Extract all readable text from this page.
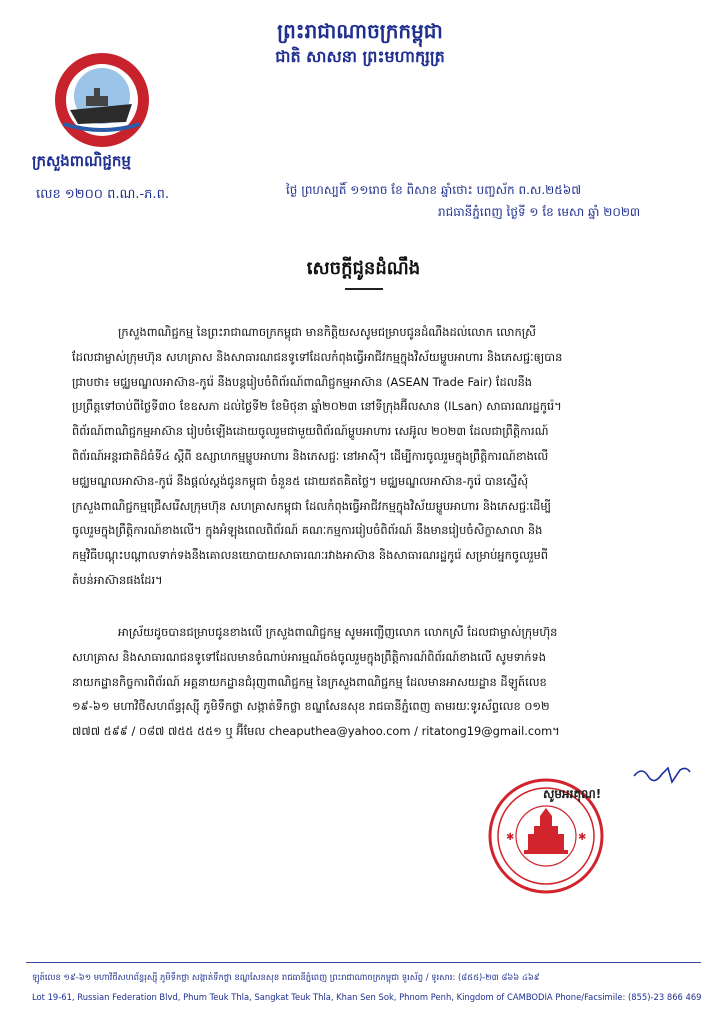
ព្រះរាជាណាចក្រកម្ពុជា
ជាតិ សាសនា ព្រះមហាក្សត្រ
ក្រសួងពាណិជ្ជកម្ម
លេខ ១២០០ ព.ណ.-ភ.ព.	ថ្ងៃ ព្រហស្បតិ៍ ១១រោច ខែ ពិសាខ ឆ្នាំថោះ បញ្ចស័ក ព.ស.២៥៦៧
រាជធានីភ្នំពេញ ថ្ងៃទី ១ ខែ មេសា ឆ្នាំ ២០២៣
សេចក្តីជូនដំណឹង
ក្រសួងពាណិជ្ជកម្ម នៃព្រះរាជាណាចក្រកម្ពុជា មានកិត្តិយសសូមជម្រាបជូនដំណឹងដល់លោក លោកស្រី
ដែលជាម្ចាស់ក្រុមហ៊ុន សហគ្រាស និងសាធារណជនទូទៅដែលកំពុងធ្វើអាជីវកម្មក្នុងវិស័យម្ហូបអាហារ និងភេសជ្ជៈឲ្យបាន
ជ្រាបថា៖ មជ្ឈមណ្ឌលអាស៊ាន-កូរ៉េ នឹងបន្តរៀបចំពិព័រណ៍ពាណិជ្ជកម្មអាស៊ាន (ASEAN Trade Fair) ដែលនឹង
ប្រព្រឹត្តទៅចាប់ពីថ្ងៃទី៣០ ខែឧសភា ដល់ថ្ងៃទី២ ខែមិថុនា ឆ្នាំ២០២៣ នៅទីក្រុងអ៊ីលសាន (ILsan) សាធារណរដ្ឋកូរ៉េ។
ពិព័រណ៍ពាណិជ្ជកម្មអាស៊ាន រៀបចំឡើងដោយចូលរួមជាមួយពិព័រណ៍ម្ហូបអាហារ សេអ៊ូល ២០២៣ ដែលជាព្រឹត្តិការណ៍
ពិព័រណ៍អន្តរជាតិដ៏ធំទី៤ ស្តីពី ឧស្សាហកម្មម្ហូបអាហារ និងភេសជ្ជៈ នៅអាស៊ី។ ដើម្បីការចូលរួមក្នុងព្រឹត្តិការណ៍ខាងលើ
មជ្ឈមណ្ឌលអាស៊ាន-កូរ៉េ នឹងផ្តល់ស្តង់ជូនកម្ពុជា ចំនួន៥ ដោយឥតគិតថ្លៃ។ មជ្ឈមណ្ឌលអាស៊ាន-កូរ៉េ បានស្នើសុំ
ក្រសួងពាណិជ្ជកម្មជ្រើសរើសក្រុមហ៊ុន សហគ្រាសកម្ពុជា ដែលកំពុងធ្វើអាជីវកម្មក្នុងវិស័យម្ហូបអាហារ និងភេសជ្ជៈដើម្បី
ចូលរួមក្នុងព្រឹត្តិការណ៍ខាងលើ។ ក្នុងអំឡុងពេលពិព័រណ៍ គណៈកម្មការរៀបចំពិព័រណ៍ នឹងមានរៀបចំសិក្ខាសាលា និង
កម្មវិធីបណ្តុះបណ្តាលទាក់ទងនឹងគោលនយោបាយសាធារណៈរវាងអាស៊ាន និងសាធារណរដ្ឋកូរ៉េ សម្រាប់អ្នកចូលរួមពី
តំបន់អាស៊ានផងដែរ។
អាស្រ័យដូចបានជម្រាបជូនខាងលើ ក្រសួងពាណិជ្ជកម្ម សូមអញ្ជើញលោក លោកស្រី ដែលជាម្ចាស់ក្រុមហ៊ុន
សហគ្រាស និងសាធារណជនទូទៅដែលមានចំណាប់អារម្មណ៍ចង់ចូលរួមក្នុងព្រឹត្តិការណ៍ពិព័រណ៍ខាងលើ សូមទាក់ទង
នាយកដ្ឋានកិច្ចការពិព័រណ៍ អគ្គនាយកដ្ឋានជំរុញពាណិជ្ជកម្ម នៃក្រសួងពាណិជ្ជកម្ម ដែលមានអាសយដ្ឋាន ដីឡូត៍លេខ
១៩-៦១ មហាវិថីសហព័ន្ធរុស្ស៊ី ភូមិទឹកថ្លា សង្កាត់ទឹកថ្លា ខណ្ឌសែនសុខ រាជធានីភ្នំពេញ តាមរយៈទូរស័ព្ទលេខ ០១២
៧៧៧ ៥៩៩ / ០៨៧ ៧៥៥ ៥៥១ ឬ អ៊ីមែល cheaputhea@yahoo.com / ritatong19@gmail.com។
✱	✱
សូមអរគុណ!
ឡូត៍លេខ ១៩-៦១ មហាវិថីសហព័ន្ធរុស្ស៊ី ភូមិទឹកថ្លា សង្កាត់ទឹកថ្លា ខណ្ឌសែនសុខ រាជធានីភ្នំពេញ ព្រះរាជាណាចក្រកម្ពុជា ទូរស័ព្ទ / ទូរសារ: (៨៥៥)-២៣ ៨៦៦ ៤៦៩
Lot 19-61, Russian Federation Blvd, Phum Teuk Thla, Sangkat Teuk Thla, Khan Sen Sok, Phnom Penh, Kingdom of CAMBODIA Phone/Facsimile: (855)-23 866 469
